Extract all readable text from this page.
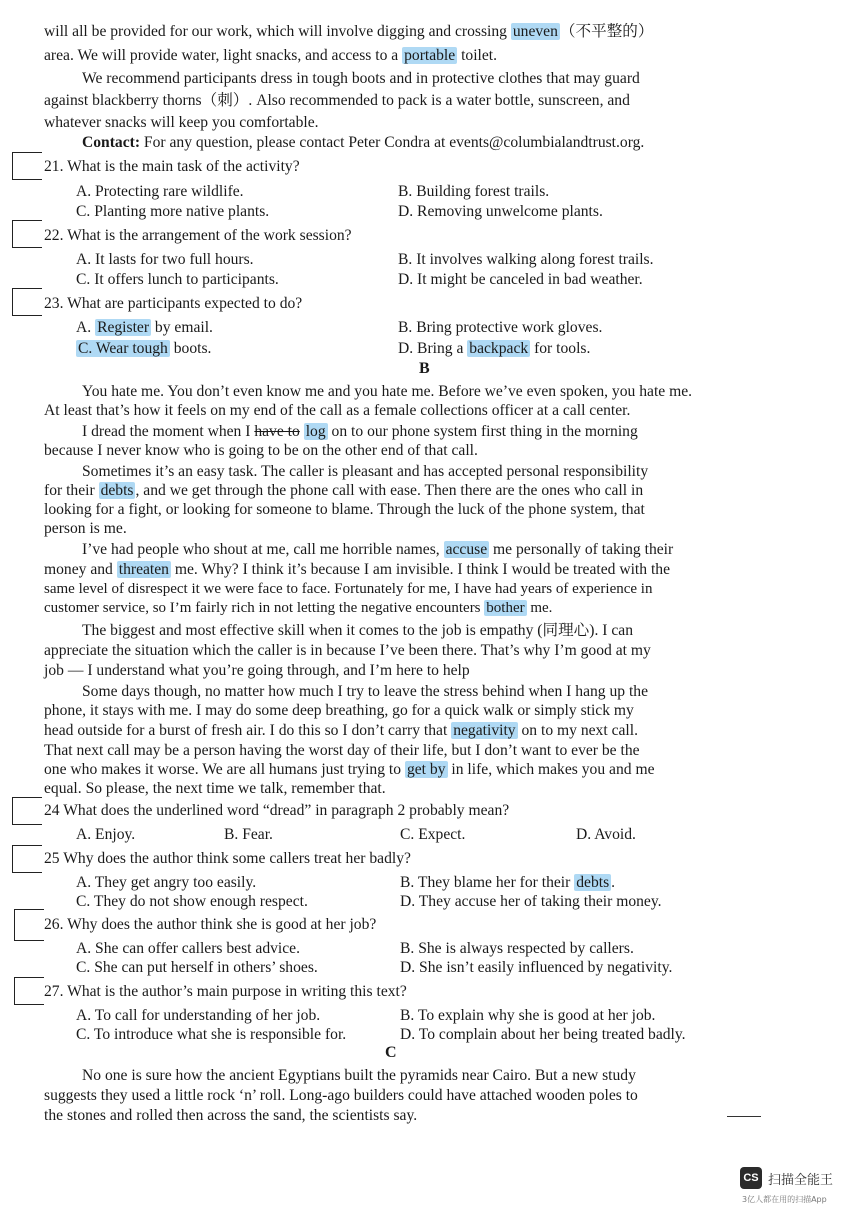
will all be provided for our work, which will involve digging and crossing uneven （不平整的）
area. We will provide water, light snacks, and access to a portable toilet.
We recommend participants dress in tough boots and in protective clothes that may guard
against blackberry thorns（刺）. Also recommended to pack is a water bottle, sunscreen, and
whatever snacks will keep you comfortable.
Contact: For any question, please contact Peter Condra at events@columbialandtrust.org.
21. What is the main task of the activity?
A. Protecting rare wildlife.	B. Building forest trails.
C. Planting more native plants.	D. Removing unwelcome plants.
22. What is the arrangement of the work session?
A. It lasts for two full hours.	B. It involves walking along forest trails.
C. It offers lunch to participants.	D. It might be canceled in bad weather.
23. What are participants expected to do?
A. Register by email.	B. Bring protective work gloves.
C. Wear tough boots.	D. Bring a backpack for tools.
B
You hate me. You don’t even know me and you hate me. Before we’ve even spoken, you hate me.
At least that’s how it feels on my end of the call as a female collections officer at a call center.
I dread the moment when I have to log on to our phone system first thing in the morning
because I never know who is going to be on the other end of that call.
Sometimes it’s an easy task. The caller is pleasant and has accepted personal responsibility
for their debts , and we get through the phone call with ease. Then there are the ones who call in
looking for a fight, or looking for someone to blame. Through the luck of the phone system, that
person is me.
I’ve had people who shout at me, call me horrible names, accuse me personally of taking their
money and threaten me. Why? I think it’s because I am invisible. I think I would be treated with the
same level of disrespect it we were face to face. Fortunately for me, I have had years of experience in
customer service, so I’m fairly rich in not letting the negative encounters bother me.
The biggest and most effective skill when it comes to the job is empathy (同理心). I can
appreciate the situation which the caller is in because I’ve been there. That’s why I’m good at my
job — I understand what you’re going through, and I’m here to help
Some days though, no matter how much I try to leave the stress behind when I hang up the
phone, it stays with me. I may do some deep breathing, go for a quick walk or simply stick my
head outside for a burst of fresh air. I do this so I don’t carry that negativity on to my next call.
That next call may be a person having the worst day of their life, but I don’t want to ever be the
one who makes it worse. We are all humans just trying to get by in life, which makes you and me
equal. So please, the next time we talk, remember that.
24 What does the underlined word “dread” in paragraph 2 probably mean?
A. Enjoy.	B. Fear.	C. Expect.	D. Avoid.
25 Why does the author think some callers treat her badly?
A. They get angry too easily.	B. They blame her for their debts .
C. They do not show enough respect.	D. They accuse her of taking their money.
26. Why does the author think she is good at her job?
A. She can offer callers best advice.	B. She is always respected by callers.
C. She can put herself in others’ shoes.	D. She isn’t easily influenced by negativity.
27. What is the author’s main purpose in writing this text?
A. To call for understanding of her job.	B. To explain why she is good at her job.
C. To introduce what she is responsible for.	D. To complain about her being treated badly.
C
No one is sure how the ancient Egyptians built the pyramids near Cairo. But a new study
suggests they used a little rock ‘n’ roll. Long-ago builders could have attached wooden poles to
the stones and rolled then across the sand, the scientists say.
CS 扫描全能王
3亿人都在用的扫描App
